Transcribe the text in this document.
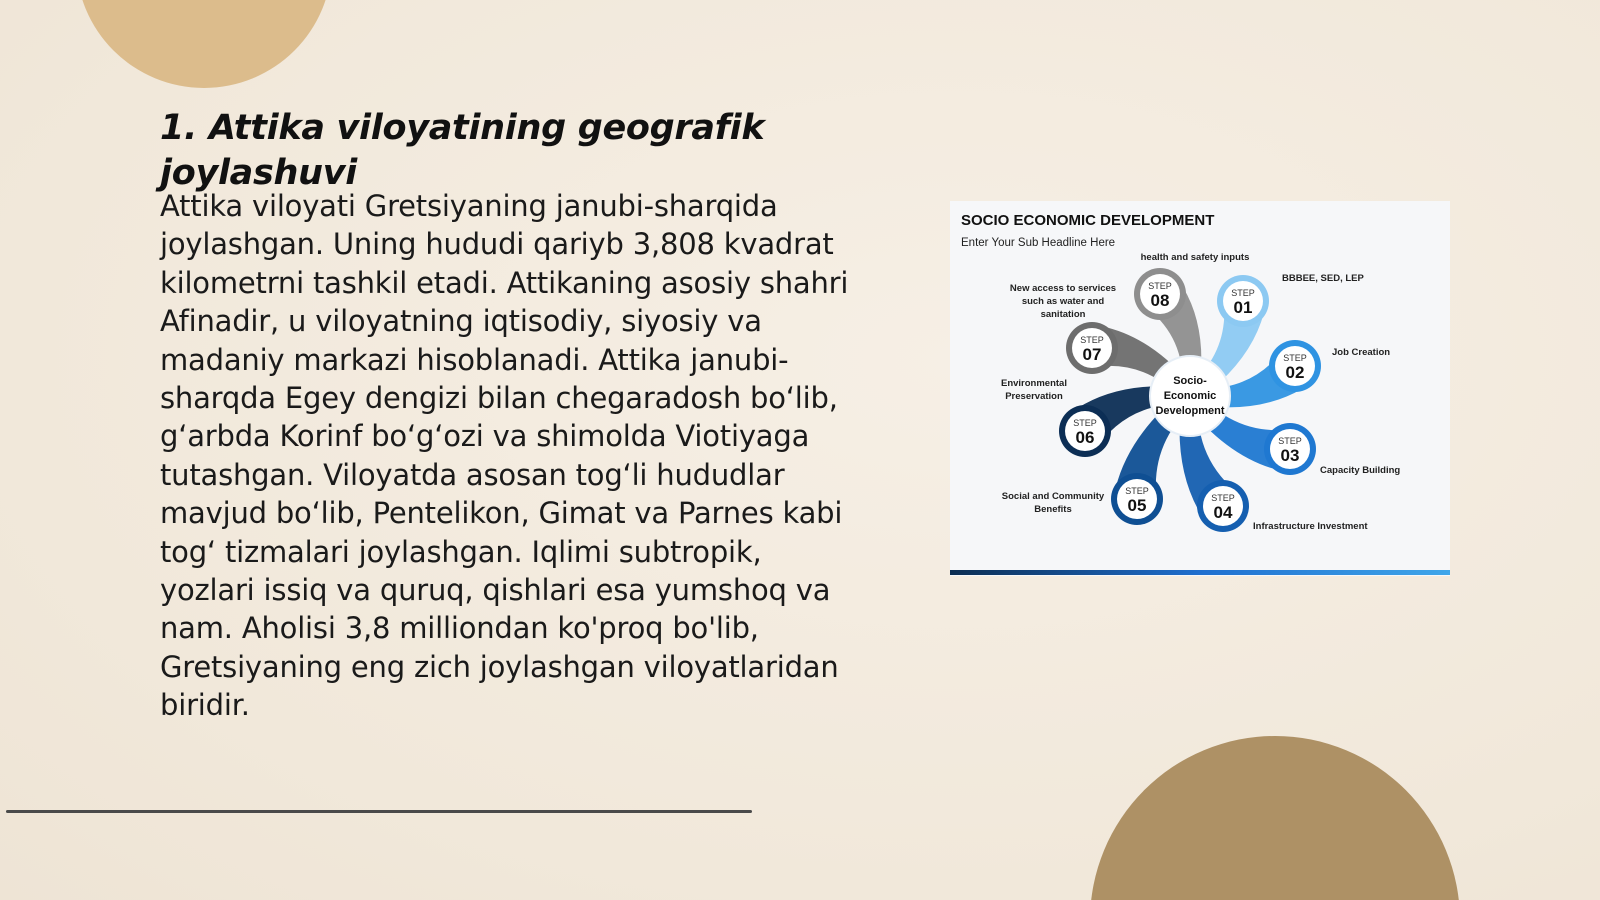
1. Attika viloyatining geografik joylashuvi

Attika viloyati Gretsiyaning janubi-sharqida joylashgan. Uning hududi qariyb 3,808 kvadrat kilometrni tashkil etadi. Attikaning asosiy shahri Afinadir, u viloyatning iqtisodiy, siyosiy va madaniy markazi hisoblanadi. Attika janubi-sharqda Egey dengizi bilan chegaradosh bo‘lib, g‘arbda Korinf bo‘g‘ozi va shimolda Viotiyaga tutashgan. Viloyatda asosan tog‘li hududlar mavjud bo‘lib, Pentelikon, Gimat va Parnes kabi tog‘ tizmalari joylashgan. Iqlimi subtropik, yozlari issiq va quruq, qishlari esa yumshoq va nam. Aholisi 3,8 milliondan ko'proq bo'lib, Gretsiyaning eng zich joylashgan viloyatlaridan biridir.

SOCIO ECONOMIC DEVELOPMENT
Enter Your Sub Headline Here
STEP
01
STEP
02
STEP
03
STEP
04
STEP
05
STEP
06
STEP
07
STEP
08
BBBEE, SED, LEP
Job Creation
Capacity Building
Infrastructure Investment
Social and Community
Benefits
Environmental
Preservation
New access to services
such as water and
sanitation
health and safety inputs
Socio-
Economic
Development
